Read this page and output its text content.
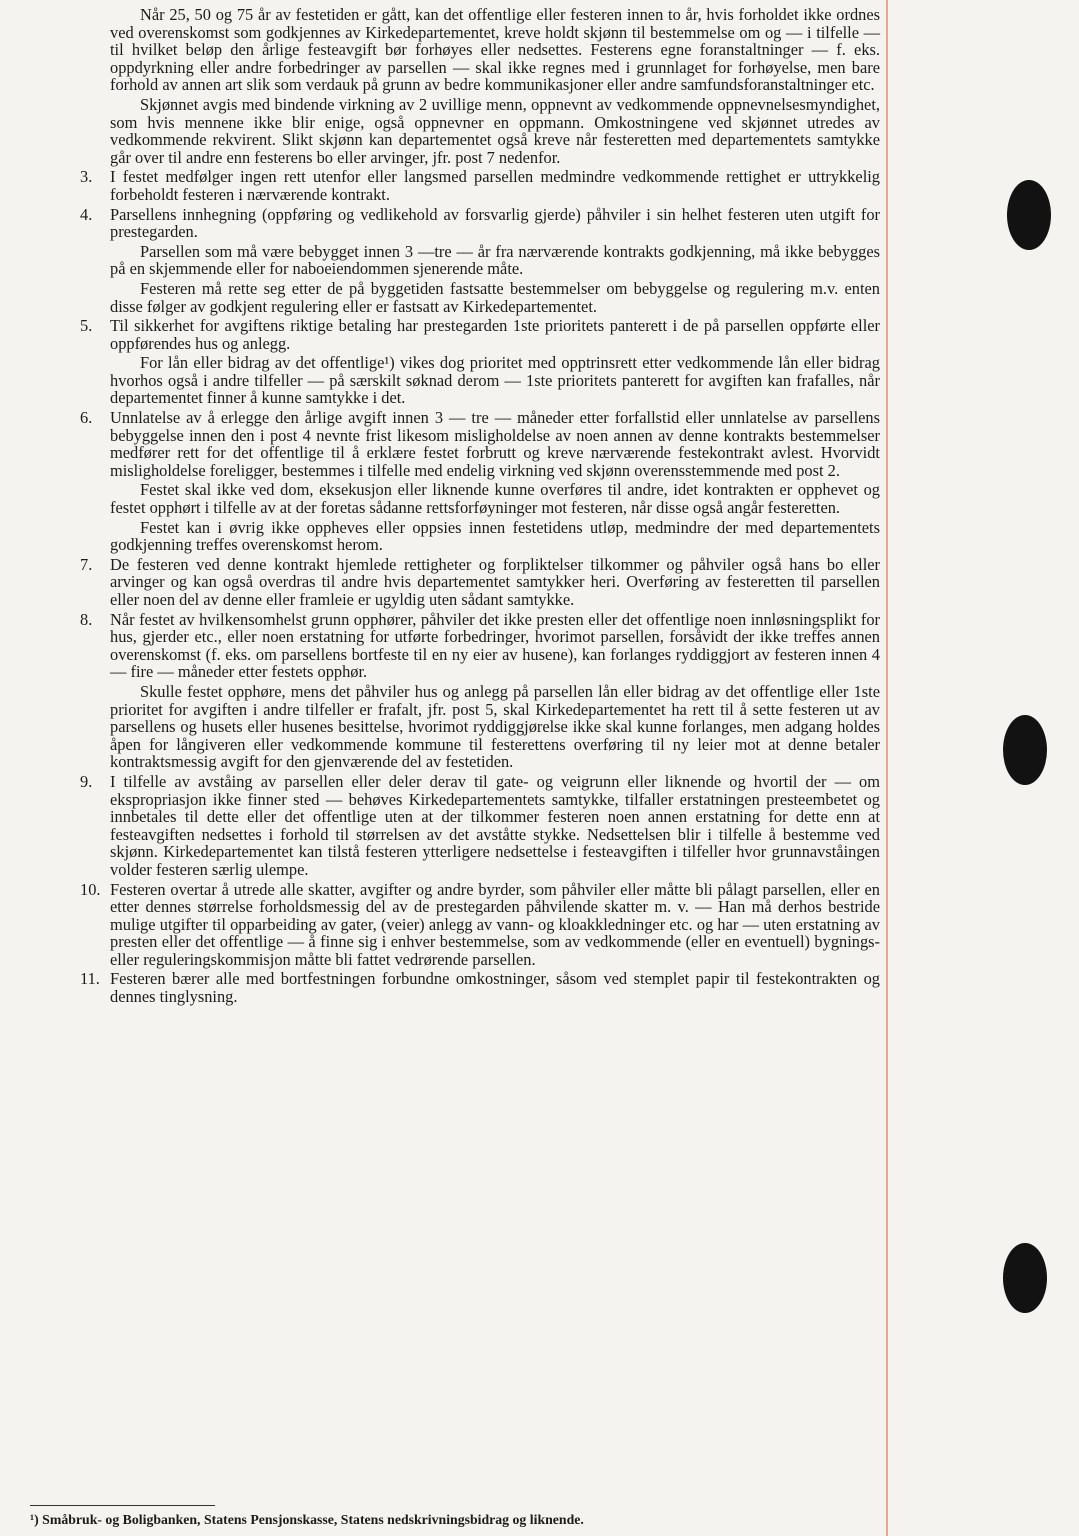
Når 25, 50 og 75 år av festetiden er gått, kan det offentlige eller festeren innen to år, hvis forholdet ikke ordnes ved overenskomst som godkjennes av Kirkedepartementet, kreve holdt skjønn til bestemmelse om og — i tilfelle — til hvilket beløp den årlige festeavgift bør forhøyes eller nedsettes. Festerens egne foranstaltninger — f. eks. oppdyrkning eller andre forbedringer av parsellen — skal ikke regnes med i grunnlaget for forhøyelse, men bare forhold av annen art slik som verdauk på grunn av bedre kommunikasjoner eller andre samfundsforanstaltninger etc.
Skjønnet avgis med bindende virkning av 2 uvillige menn, oppnevnt av vedkommende oppnevnelsesmyndighet, som hvis mennene ikke blir enige, også oppnevner en oppmann. Omkostningene ved skjønnet utredes av vedkommende rekvirent. Slikt skjønn kan departementet også kreve når festeretten med departementets samtykke går over til andre enn festerens bo eller arvinger, jfr. post 7 nedenfor.
3.	I festet medfølger ingen rett utenfor eller langsmed parsellen medmindre vedkommende rettighet er uttrykkelig forbeholdt festeren i nærværende kontrakt.
4.	Parsellens innhegning (oppføring og vedlikehold av forsvarlig gjerde) påhviler i sin helhet festeren uten utgift for prestegarden.
Parsellen som må være bebygget innen 3 —tre — år fra nærværende kontrakts godkjenning, må ikke bebygges på en skjemmende eller for naboeiendommen sjenerende måte.
Festeren må rette seg etter de på byggetiden fastsatte bestemmelser om bebyggelse og regulering m.v. enten disse følger av godkjent regulering eller er fastsatt av Kirkedepartementet.
5.	Til sikkerhet for avgiftens riktige betaling har prestegarden 1ste prioritets panterett i de på parsellen oppførte eller oppførendes hus og anlegg.
For lån eller bidrag av det offentlige¹) vikes dog prioritet med opptrinsrett etter vedkommende lån eller bidrag hvorhos også i andre tilfeller — på særskilt søknad derom — 1ste prioritets panterett for avgiften kan frafalles, når departementet finner å kunne samtykke i det.
6.	Unnlatelse av å erlegge den årlige avgift innen 3 — tre — måneder etter forfallstid eller unnlatelse av parsellens bebyggelse innen den i post 4 nevnte frist likesom misligholdelse av noen annen av denne kontrakts bestemmelser medfører rett for det offentlige til å erklære festet forbrutt og kreve nærværende festekontrakt avlest. Hvorvidt misligholdelse foreligger, bestemmes i tilfelle med endelig virkning ved skjønn overensstemmende med post 2.
Festet skal ikke ved dom, eksekusjon eller liknende kunne overføres til andre, idet kontrakten er opphevet og festet opphørt i tilfelle av at der foretas sådanne rettsforføyninger mot festeren, når disse også angår festeretten.
Festet kan i øvrig ikke oppheves eller oppsies innen festetidens utløp, medmindre der med departementets godkjenning treffes overenskomst herom.
7.	De festeren ved denne kontrakt hjemlede rettigheter og forpliktelser tilkommer og påhviler også hans bo eller arvinger og kan også overdras til andre hvis departementet samtykker heri. Overføring av festeretten til parsellen eller noen del av denne eller framleie er ugyldig uten sådant samtykke.
8.	Når festet av hvilkensomhelst grunn opphører, påhviler det ikke presten eller det offentlige noen innløsningsplikt for hus, gjerder etc., eller noen erstatning for utførte forbedringer, hvorimot parsellen, forsåvidt der ikke treffes annen overenskomst (f. eks. om parsellens bortfeste til en ny eier av husene), kan forlanges ryddiggjort av festeren innen 4 — fire — måneder etter festets opphør.
Skulle festet opphøre, mens det påhviler hus og anlegg på parsellen lån eller bidrag av det offentlige eller 1ste prioritet for avgiften i andre tilfeller er frafalt, jfr. post 5, skal Kirkedepartementet ha rett til å sette festeren ut av parsellens og husets eller husenes besittelse, hvorimot ryddiggjørelse ikke skal kunne forlanges, men adgang holdes åpen for långiveren eller vedkommende kommune til festerettens overføring til ny leier mot at denne betaler kontraktsmessig avgift for den gjenværende del av festetiden.
9.	I tilfelle av avståing av parsellen eller deler derav til gate- og veigrunn eller liknende og hvortil der — om ekspropriasjon ikke finner sted — behøves Kirkedepartementets samtykke, tilfaller erstatningen presteembetet og innbetales til dette eller det offentlige uten at der tilkommer festeren noen annen erstatning for dette enn at festeavgiften nedsettes i forhold til størrelsen av det avståtte stykke. Nedsettelsen blir i tilfelle å bestemme ved skjønn. Kirkedepartementet kan tilstå festeren ytterligere nedsettelse i festeavgiften i tilfeller hvor grunnavståingen volder festeren særlig ulempe.
10. Festeren overtar å utrede alle skatter, avgifter og andre byrder, som påhviler eller måtte bli pålagt parsellen, eller en etter dennes størrelse forholdsmessig del av de prestegarden påhvilende skatter m. v. — Han må derhos bestride mulige utgifter til opparbeiding av gater, (veier) anlegg av vann- og kloakkledninger etc. og har — uten erstatning av presten eller det offentlige — å finne sig i enhver bestemmelse, som av vedkommende (eller en eventuell) bygnings- eller reguleringskommisjon måtte bli fattet vedrørende parsellen.
11. Festeren bærer alle med bortfestningen forbundne omkostninger, såsom ved stemplet papir til festekontrakten og dennes tinglysning.
¹) Småbruk- og Boligbanken, Statens Pensjonskasse, Statens nedskrivningsbidrag og liknende.
